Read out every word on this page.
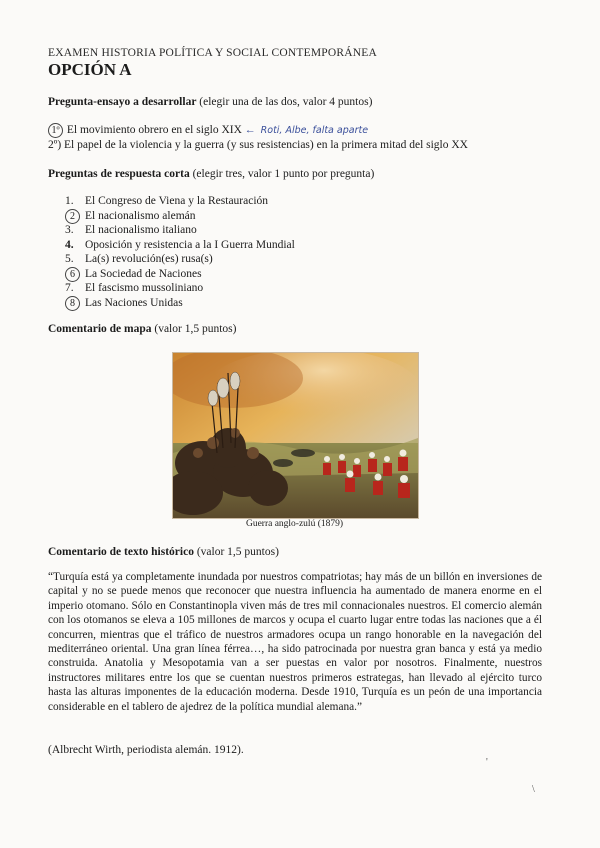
EXAMEN HISTORIA POLÍTICA Y SOCIAL CONTEMPORÁNEA
OPCIÓN A
Pregunta-ensayo a desarrollar (elegir una de las dos, valor 4 puntos)
1º El movimiento obrero en el siglo XIX ← Roti, Albe, falta aparte
2º) El papel de la violencia y la guerra (y sus resistencias) en la primera mitad del siglo XX
Preguntas de respuesta corta (elegir tres, valor 1 punto por pregunta)
1. El Congreso de Viena y la Restauración
2 El nacionalismo alemán
3. El nacionalismo italiano
4. Oposición y resistencia a la I Guerra Mundial
5. La(s) revolución(es) rusa(s)
6 La Sociedad de Naciones
7. El fascismo mussoliniano
8 Las Naciones Unidas
Comentario de mapa (valor 1,5 puntos)
Guerra anglo-zulú (1879)
Comentario de texto histórico (valor 1,5 puntos)
“Turquía está ya completamente inundada por nuestros compatriotas; hay más de un billón en inversiones de capital y no se puede menos que reconocer que nuestra influencia ha aumentado de manera enorme en el imperio otomano. Sólo en Constantinopla viven más de tres mil connacionales nuestros. El comercio alemán con los otomanos se eleva a 105 millones de marcos y ocupa el cuarto lugar entre todas las naciones que a él concurren, mientras que el tráfico de nuestros armadores ocupa un rango honorable en la navegación del mediterráneo oriental. Una gran línea férrea…, ha sido patrocinada por nuestra gran banca y está ya medio construida. Anatolia y Mesopotamia van a ser puestas en valor por nosotros. Finalmente, nuestros instructores militares entre los que se cuentan nuestros primeros estrategas, han llevado al ejército turco hasta las alturas imponentes de la educación moderna. Desde 1910, Turquía es un peón de una importancia considerable en el tablero de ajedrez de la política mundial alemana.”
(Albrecht Wirth, periodista alemán. 1912).
'
\
